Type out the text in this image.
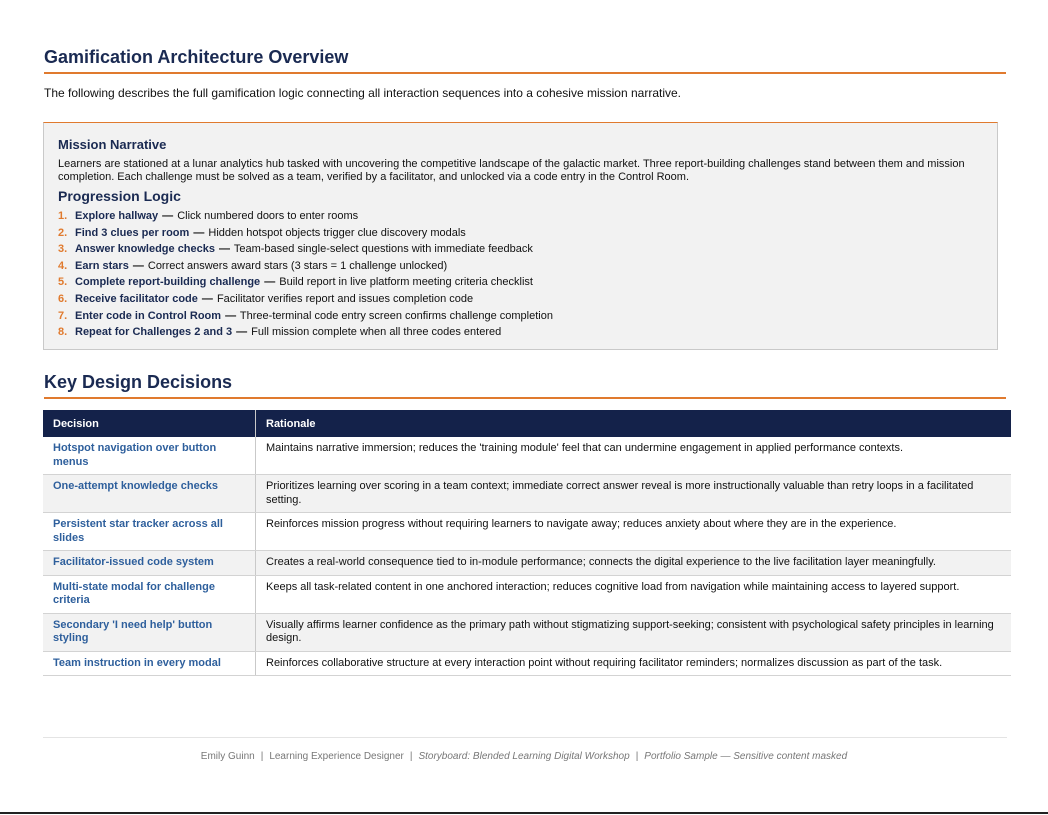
Gamification Architecture Overview
The following describes the full gamification logic connecting all interaction sequences into a cohesive mission narrative.
Mission Narrative

Learners are stationed at a lunar analytics hub tasked with uncovering the competitive landscape of the galactic market. Three report-building challenges stand between them and mission completion. Each challenge must be solved as a team, verified by a facilitator, and unlocked via a code entry in the Control Room.

Progression Logic
1. Explore hallway — Click numbered doors to enter rooms
2. Find 3 clues per room — Hidden hotspot objects trigger clue discovery modals
3. Answer knowledge checks — Team-based single-select questions with immediate feedback
4. Earn stars — Correct answers award stars (3 stars = 1 challenge unlocked)
5. Complete report-building challenge — Build report in live platform meeting criteria checklist
6. Receive facilitator code — Facilitator verifies report and issues completion code
7. Enter code in Control Room — Three-terminal code entry screen confirms challenge completion
8. Repeat for Challenges 2 and 3 — Full mission complete when all three codes entered
Key Design Decisions
Decision	Rationale
Hotspot navigation over button menus	Maintains narrative immersion; reduces the 'training module' feel that can undermine engagement in applied performance contexts.
One-attempt knowledge checks	Prioritizes learning over scoring in a team context; immediate correct answer reveal is more instructionally valuable than retry loops in a facilitated setting.
Persistent star tracker across all slides	Reinforces mission progress without requiring learners to navigate away; reduces anxiety about where they are in the experience.
Facilitator-issued code system	Creates a real-world consequence tied to in-module performance; connects the digital experience to the live facilitation layer meaningfully.
Multi-state modal for challenge criteria	Keeps all task-related content in one anchored interaction; reduces cognitive load from navigation while maintaining access to layered support.
Secondary 'I need help' button styling	Visually affirms learner confidence as the primary path without stigmatizing support-seeking; consistent with psychological safety principles in learning design.
Team instruction in every modal	Reinforces collaborative structure at every interaction point without requiring facilitator reminders; normalizes discussion as part of the task.
Emily Guinn | Learning Experience Designer | Storyboard: Blended Learning Digital Workshop | Portfolio Sample — Sensitive content masked
